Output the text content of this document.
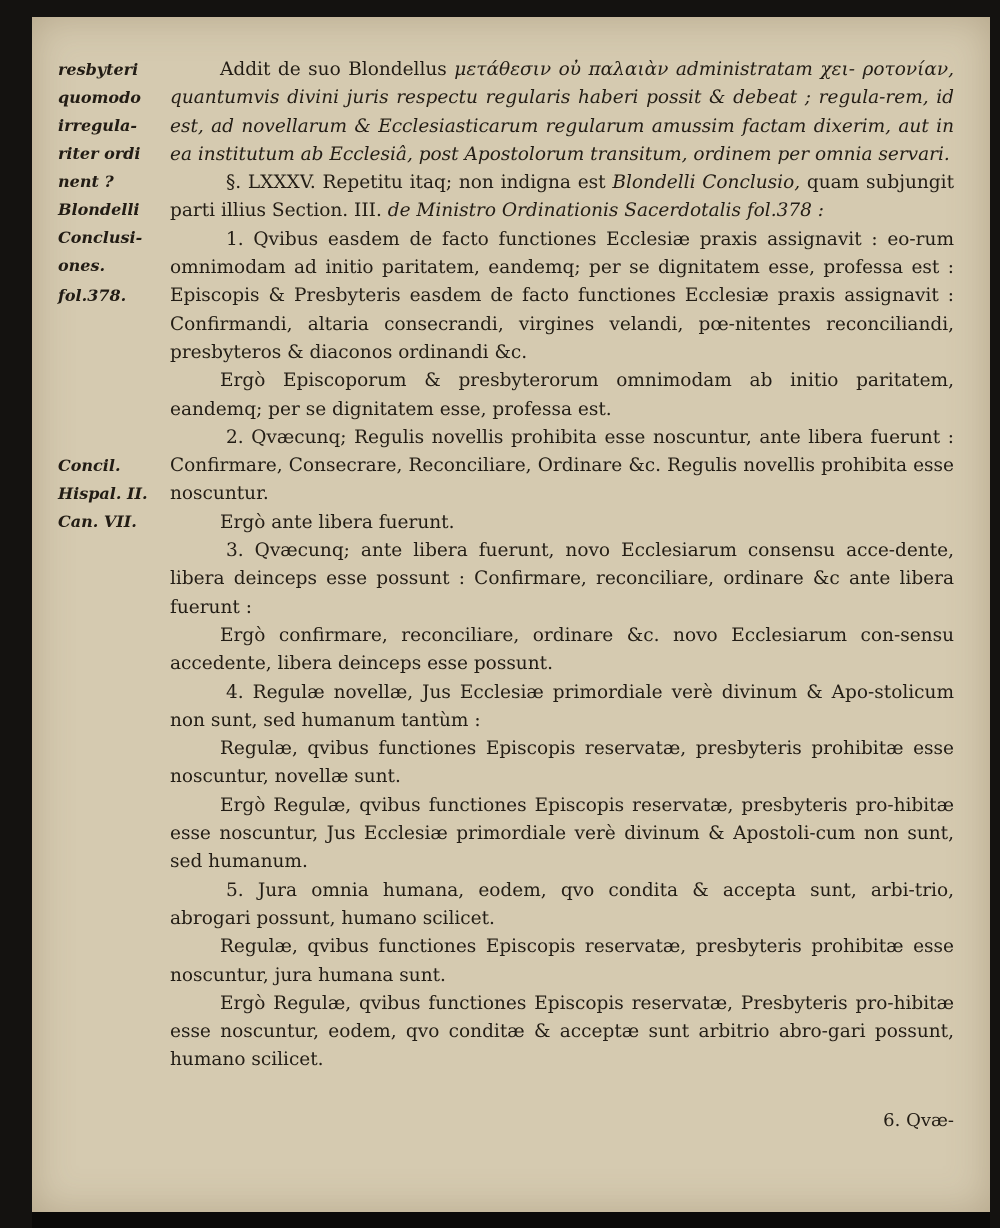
resbyteri
quomodo
irregula-
riter ordi
nent ?
Blondelli
Conclusi-
ones.
fol.378.
Concil.
Hispal. II.
Can. VII.

Addit de suo Blondellus μετάθεσιν οὐ παλαιὰν administratam χει- ροτονίαν, quantumvis divini juris respectu regularis haberi possit & debeat ; regula-rem, id est, ad novellarum & Ecclesiasticarum regularum amussim factam dixerim, aut in ea institutum ab Ecclesiâ, post Apostolorum transitum, ordinem per omnia servari.

§. LXXXV. Repetitu itaq; non indigna est Blondelli Conclusio, quam subjungit parti illius Section. III. de Ministro Ordinationis Sacerdotalis fol.378 :

1. Qvibus easdem de facto functiones Ecclesiæ praxis assignavit : eo-rum omnimodam ad initio paritatem, eandemq; per se dignitatem esse, professa est : Episcopis & Presbyteris easdem de facto functiones Ecclesiæ praxis assignavit : Confirmandi, altaria consecrandi, virgines velandi, pœ-nitentes reconciliandi, presbyteros & diaconos ordinandi &c.

Ergò Episcoporum & presbyterorum omnimodam ab initio paritatem, eandemq; per se dignitatem esse, professa est.

2. Qvæcunq; Regulis novellis prohibita esse noscuntur, ante libera fuerunt : Confirmare, Consecrare, Reconciliare, Ordinare &c. Regulis novellis prohibita esse noscuntur.

Ergò ante libera fuerunt.

3. Qvæcunq; ante libera fuerunt, novo Ecclesiarum consensu acce-dente, libera deinceps esse possunt : Confirmare, reconciliare, ordinare &c ante libera fuerunt :

Ergò confirmare, reconciliare, ordinare &c. novo Ecclesiarum con-sensu accedente, libera deinceps esse possunt.

4. Regulæ novellæ, Jus Ecclesiæ primordiale verè divinum & Apo-stolicum non sunt, sed humanum tantùm :

Regulæ, qvibus functiones Episcopis reservatæ, presbyteris prohibitæ esse noscuntur, novellæ sunt.

Ergò Regulæ, qvibus functiones Episcopis reservatæ, presbyteris pro-hibitæ esse noscuntur, Jus Ecclesiæ primordiale verè divinum & Apostoli-cum non sunt, sed humanum.

5. Jura omnia humana, eodem, qvo condita & accepta sunt, arbi-trio, abrogari possunt, humano scilicet.

Regulæ, qvibus functiones Episcopis reservatæ, presbyteris prohibitæ esse noscuntur, jura humana sunt.

Ergò Regulæ, qvibus functiones Episcopis reservatæ, Presbyteris pro-hibitæ esse noscuntur, eodem, qvo conditæ & acceptæ sunt arbitrio abro-gari possunt, humano scilicet.

6. Qvæ-
